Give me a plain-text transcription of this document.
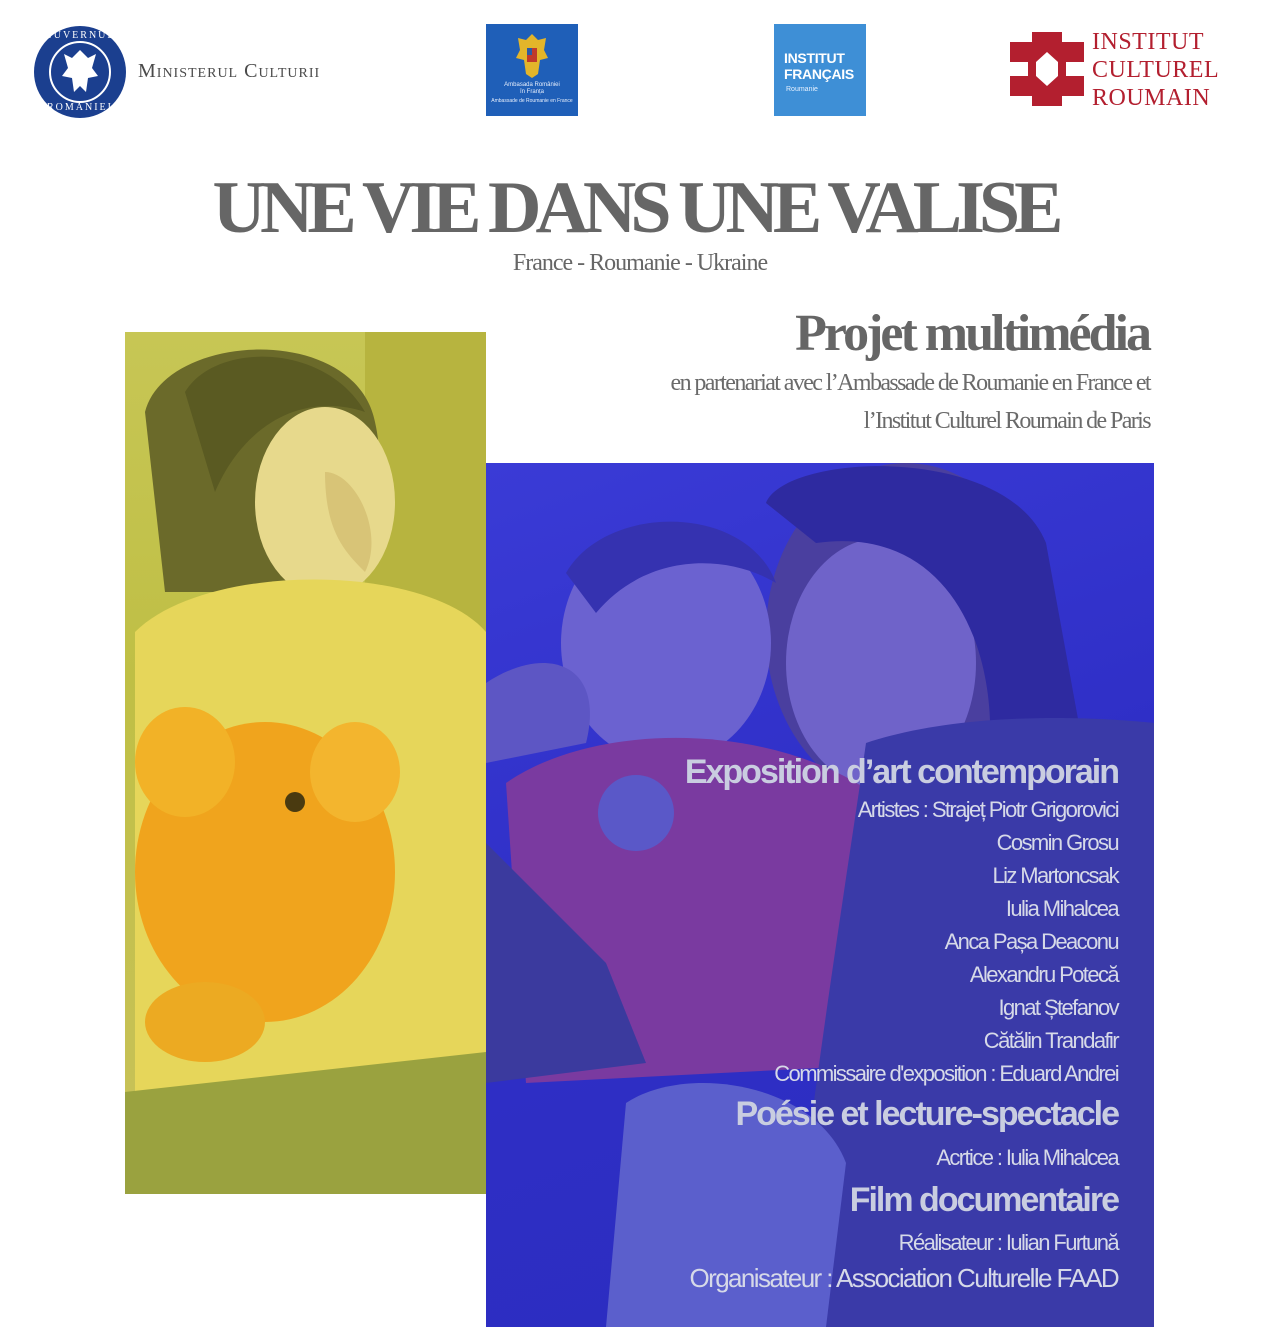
GUVERNUL
ROMÂNIEI
Ministerul Culturii
Ambasada României
în Franța
Ambassade de Roumanie en France
INSTITUT
FRANÇAIS
Roumanie
INSTITUT
CULTUREL
ROUMAIN
UNE VIE DANS UNE VALISE
France - Roumanie - Ukraine
Projet multimédia
en partenariat avec l’Ambassade de Roumanie en France et
l’Institut Culturel Roumain de Paris
Exposition d’art contemporain
Artistes : Strajeț Piotr Grigorovici
Cosmin Grosu
Liz Martoncsak
Iulia Mihalcea
Anca Pașa Deaconu
Alexandru Potecă
Ignat Ștefanov
Cătălin Trandafir
Commissaire d'exposition : Eduard Andrei
Poésie et lecture-spectacle
Acrtice : Iulia Mihalcea
Film documentaire
Réalisateur : Iulian Furtună
Organisateur : Association Culturelle FAAD
